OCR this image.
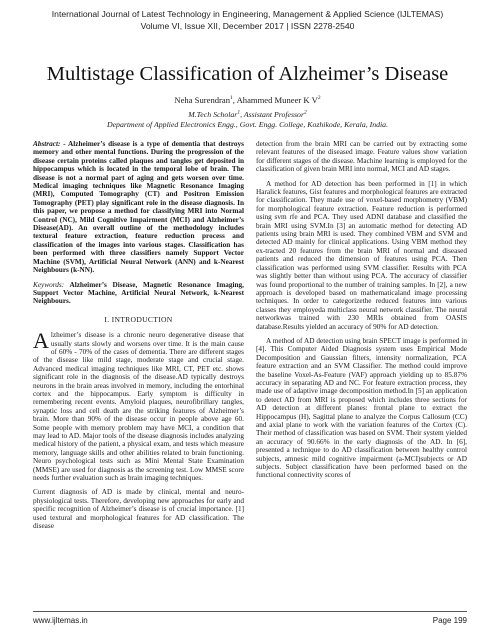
International Journal of Latest Technology in Engineering, Management & Applied Science (IJLTEMAS)
Volume VI, Issue XII, December 2017 | ISSN 2278-2540
Multistage Classification of Alzheimer’s Disease
Neha Surendran$^1$, Ahammed Muneer K $V^2$
M.Tech Scholar$^1$, Assistant Professor$^2$
Department of Applied Electronics Engg., Govt. Engg. College, Kozhikode, Kerala, India.

Abstract: - Alzheimer’s disease is a type of dementia that destroys memory and other mental functions. During the progression of the disease certain proteins called plaques and tangles get deposited in hippocampus which is located in the temporal lobe of brain. The disease is not a normal part of aging and gets worsen over time. Medical imaging techniques like Magnetic Resonance Imaging (MRI), Computed Tomography (CT) and Positron Emission Tomography (PET) play significant role in the disease diagnosis. In this paper, we propose a method for classifying MRI into Normal Control (NC), Mild Cognitive Impairment (MCI) and Alzheimer’s Disease(AD). An overall outline of the methodology includes textural feature extraction, feature reduction process and classification of the images into various stages. Classification has been performed with three classifiers namely Support Vector Machine (SVM), Artificial Neural Network (ANN) and k-Nearest Neighbours (k-NN).

Keywords: Alzheimer’s Disease, Magnetic Resonance Imaging, Support Vector Machine, Artificial Neural Network, k-Nearest Neighbours.

I. INTRODUCTION

Alzheimer’s disease is a chronic neuro degenerative disease that usually starts slowly and worsens over time. It is the main cause of 60% - 70% of the cases of dementia. There are different stages of the disease like mild stage, moderate stage and crucial stage. Advanced medical imaging techniques like MRI, CT, PET etc. shows significant role in the diagnosis of the disease.AD typically destroys neurons in the brain areas involved in memory, including the entorhinal cortex and the hippocampus. Early symptom is difficulty in remembering recent events. Amyloid plaques, neurofibrillary tangles, synaptic loss and cell death are the striking features of Alzheimer’s brain. More than 90% of the disease occur in people above age 60. Some people with memory problem may have MCI, a condition that may lead to AD. Major tools of the disease diagnosis includes analyzing medical history of the patient, a physical exam, and tests which measure memory, language skills and other abilities related to brain functioning. Neuro psychological tests such as Mini Mental State Examination (MMSE) are used for diagnosis as the screening test. Low MMSE score needs further evaluation such as brain imaging techniques.

Current diagnosis of AD is made by clinical, mental and neuro-physiological tests. Therefore, developing new approaches for early and specific recognition of Alzheimer’s disease is of crucial importance. [1] used textural and morphological features for AD classification. The disease

detection from the brain MRI can be carried out by extracting some relevant features of the diseased image. Feature values show variation for different stages of the disease. Machine learning is employed for the classification of given brain MRI into normal, MCI and AD stages.

A method for AD detection has been performed in [1] in which Haralick features, Gist features and morphological features are extracted for classification. They made use of voxel-based morphometry (VBM) for morphological feature extraction. Feature reduction is performed using svm rfe and PCA. They used ADNI database and classified the brain MRI using SVM.In [3] an automatic method for detecting AD patients using brain MRI is used. They combined VBM and SVM and detected AD mainly for clinical applications. Using VBM method they ex-tracted 20 features from the brain MRI of normal and diseased patients and reduced the dimension of features using PCA. Then classification was performed using SVM classifier. Results with PCA was slightly better than without using PCA. The accuracy of classifier was found proportional to the number of training samples. In [2], a new approach is developed based on mathematicaland image processing techniques. In order to categorizethe reduced features into various classes they employeda multiclass neural network classifier. The neural networkwas trained with 230 MRIs obtained from OASIS database.Results yielded an accuracy of 90% for AD detection.

A method of AD detection using brain SPECT image is performed in [4]. This Computer Aided Diagnosis system uses Empirical Mode Decomposition and Gaussian filters, intensity normalization, PCA feature extraction and an SVM Classifier. The method could improve the baseline Voxel-As-Feature (VAF) approach yielding up to 85.87% accuracy in separating AD and NC. For feature extraction process, they made use of adaptive image decomposition method.In [5] an application to detect AD from MRI is proposed which includes three sections for AD detection at different planes: frontal plane to extract the Hippocampus (H), Sagittal plane to analyze the Corpus Callosum (CC) and axial plane to work with the variation features of the Cortex (C). Their method of classification was based on SVM. Their system yielded an accuracy of 90.66% in the early diagnosis of the AD. In [6], presented a technique to do AD classification between healthy control subjects, amnesic mild cognitive impairment (a-MCI)subjects or AD subjects. Subject classification have been performed based on the functional connectivity scores of

www.ijltemas.in	Page 199
